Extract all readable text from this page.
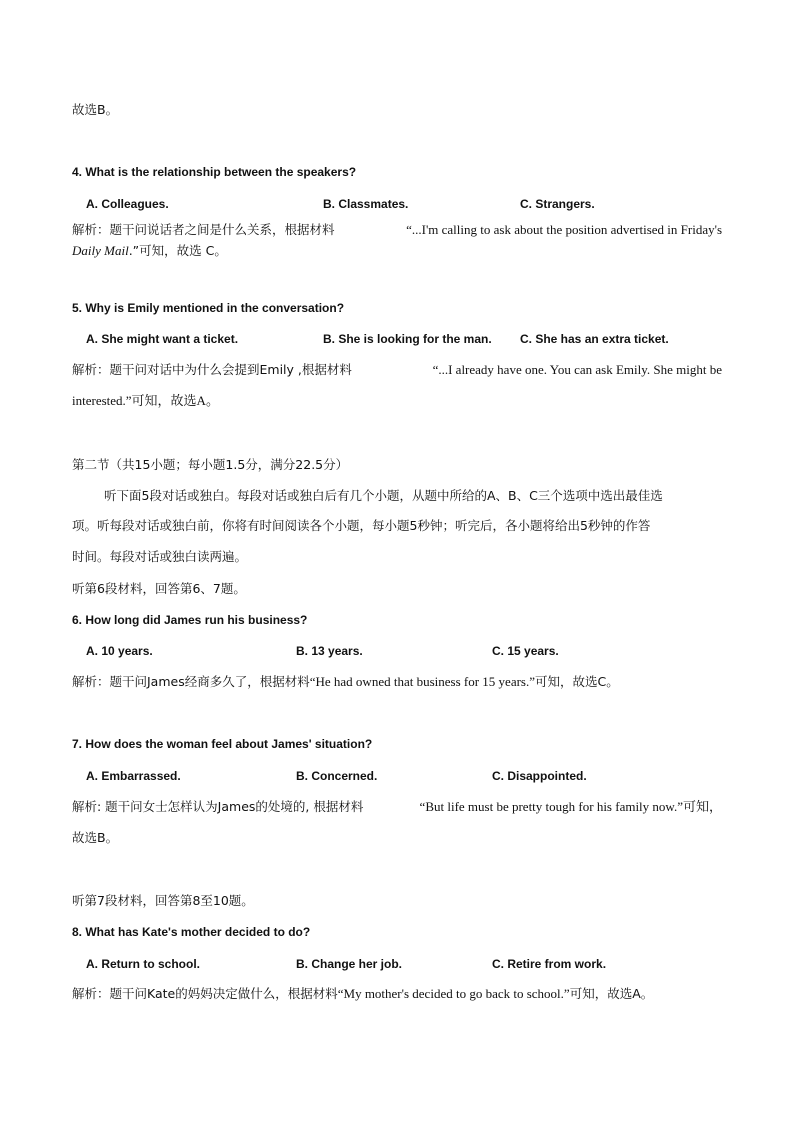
故选B。
4. What is the relationship between the speakers?
A. Colleagues.	B. Classmates.	C. Strangers.
解析：题干问说话者之间是什么关系，根据材料	“...I'm calling to ask about the position advertised in Friday's
Daily Mail.”可知，故选 C。
5. Why is Emily mentioned in the conversation?
A. She might want a ticket.	B. She is looking for the man. C. She has an extra ticket.
解析：题干问对话中为什么会提到Emily ,根据材料	“...I already have one. You can ask Emily. She might be
interested.”可知，故选A。
第二节（共15小题；每小题1.5分，满分22.5分）
听下面5段对话或独白。每段对话或独白后有几个小题，从题中所给的A、B、C三个选项中选出最佳选
项。听每段对话或独白前，你将有时间阅读各个小题，每小题5秒钟；听完后，各小题将给出5秒钟的作答
时间。每段对话或独白读两遍。
听第6段材料，回答第6、7题。
6. How long did James run his business?
A. 10 years.	B. 13 years.	C. 15 years.
解析：题干问James经商多久了，根据材料“He had owned that business for 15 years.”可知，故选C。
7. How does the woman feel about James' situation?
A. Embarrassed.	B. Concerned.	C. Disappointed.
解析: 题干问女士怎样认为James的处境的, 根据材料	“But life must be pretty tough for his family now.”可知，
故选B。
听第7段材料，回答第8至10题。
8. What has Kate's mother decided to do?
A. Return to school.	B. Change her job.	C. Retire from work.
解析：题干问Kate的妈妈决定做什么，根据材料“My mother's decided to go back to school.”可知，故选A。
